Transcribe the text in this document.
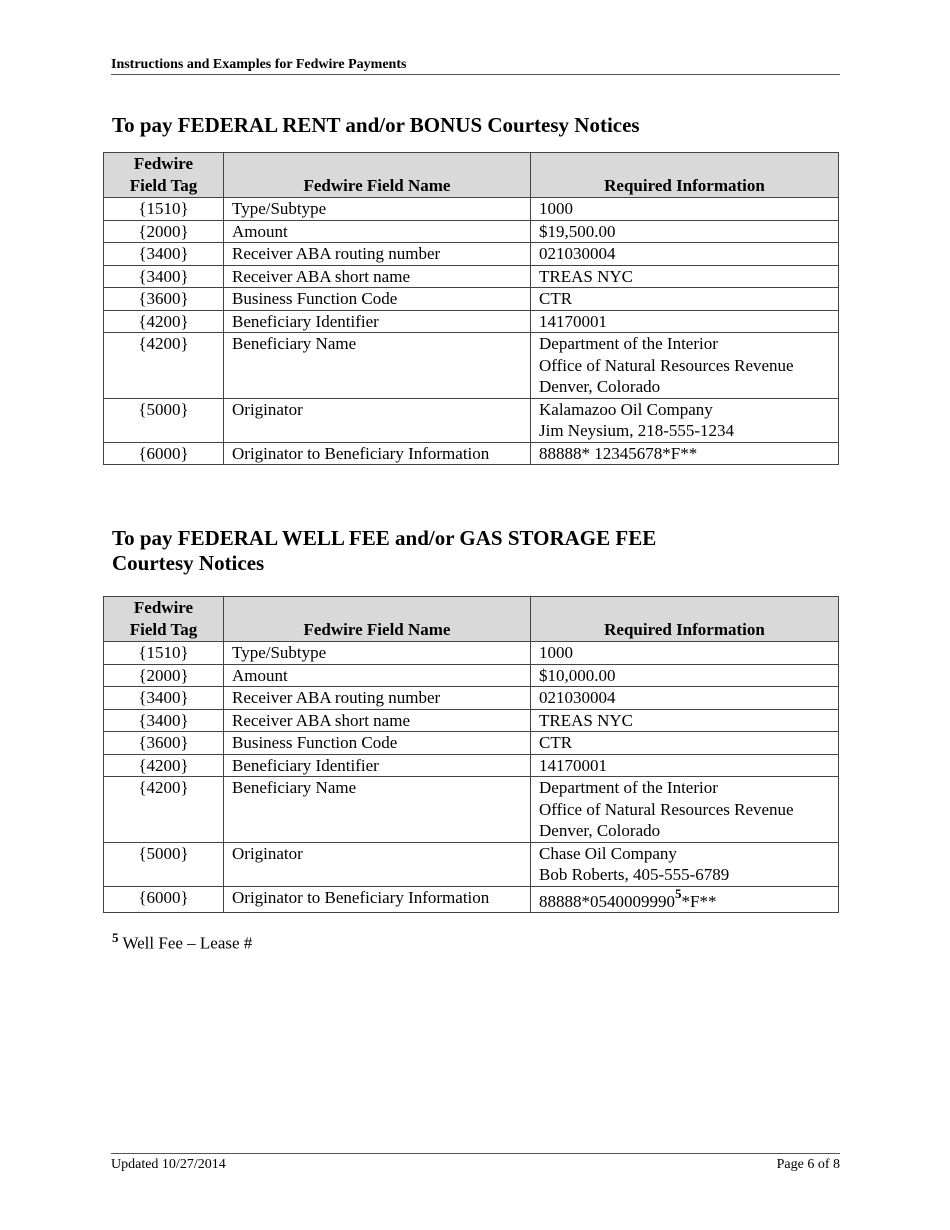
Instructions and Examples for Fedwire Payments
To pay FEDERAL RENT and/or BONUS Courtesy Notices
Fedwire
Field Tag	Fedwire Field Name	Required Information
{1510}	Type/Subtype	1000

{2000}	Amount	$19,500.00

{3400}	Receiver ABA routing number	021030004

{3400}	Receiver ABA short name	TREAS NYC

{3600}	Business Function Code	CTR

{4200}	Beneficiary Identifier	14170001

{4200}	Beneficiary Name	Department of the Interior
Office of Natural Resources Revenue
Denver, Colorado

{5000}	Originator	Kalamazoo Oil Company
Jim Neysium, 218-555-1234

{6000}	Originator to Beneficiary Information	88888* 12345678*F**
To pay FEDERAL WELL FEE and/or GAS STORAGE FEE
Courtesy Notices
Fedwire
Field Tag	Fedwire Field Name	Required Information
{1510}	Type/Subtype	1000

{2000}	Amount	$10,000.00

{3400}	Receiver ABA routing number	021030004

{3400}	Receiver ABA short name	TREAS NYC

{3600}	Business Function Code	CTR

{4200}	Beneficiary Identifier	14170001

{4200}	Beneficiary Name	Department of the Interior
Office of Natural Resources Revenue
Denver, Colorado

{5000}	Originator	Chase Oil Company
Bob Roberts, 405-555-6789

{6000}	Originator to Beneficiary Information	88888*0540009990$^5$*F**
$^5$ Well Fee – Lease #
Updated 10/27/2014	Page 6 of 8
